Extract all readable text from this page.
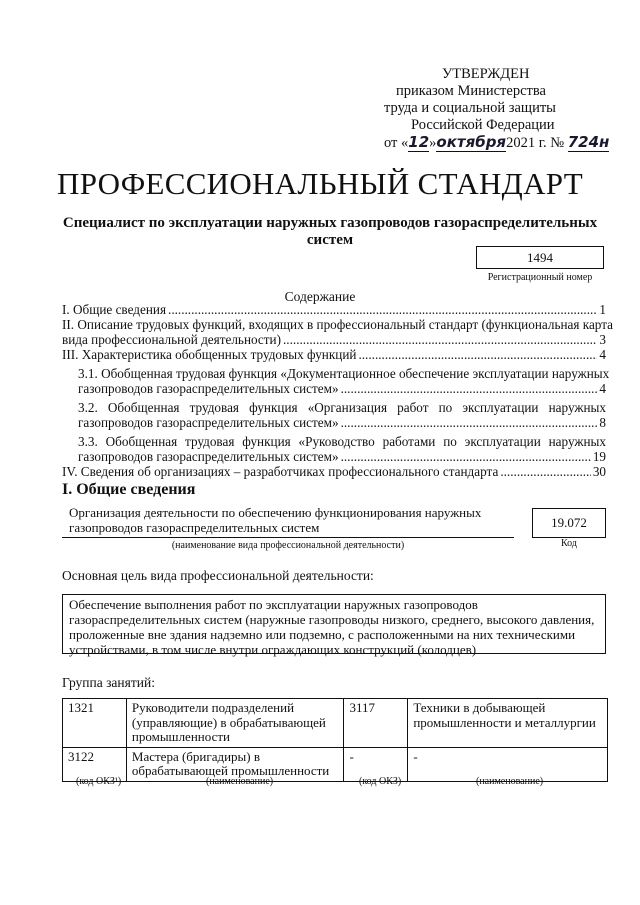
УТВЕРЖДЕН
приказом Министерства
труда и социальной защиты
Российской Федерации
от «12»октября2021 г. № 724н
ПРОФЕССИОНАЛЬНЫЙ СТАНДАРТ
Специалист по эксплуатации наружных газопроводов газораспределительных систем
1494
Регистрационный номер
Содержание
I. Общие сведения .....	1
II. Описание трудовых функций, входящих в профессиональный стандарт (функциональная карта
вида профессиональной деятельности) .....	3
III. Характеристика обобщенных трудовых функций .....	4
3.1. Обобщенная трудовая функция «Документационное обеспечение эксплуатации наружных
газопроводов газораспределительных систем» .....	4
3.2. Обобщенная трудовая функция «Организация работ по эксплуатации наружных
газопроводов газораспределительных систем» .....	8
3.3. Обобщенная трудовая функция «Руководство работами по эксплуатации наружных
газопроводов газораспределительных систем» .....	19
IV. Сведения об организациях – разработчиках профессионального стандарта .....	30
I. Общие сведения
Организация деятельности по обеспечению функционирования наружных
газопроводов газораспределительных систем
(наименование вида профессиональной деятельности)
19.072
Код
Основная цель вида профессиональной деятельности:
Обеспечение выполнения работ по эксплуатации наружных газопроводов
газораспределительных систем (наружные газопроводы низкого, среднего, высокого давления,
проложенные вне здания надземно или подземно, с расположенными на них техническими
устройствами, в том числе внутри ограждающих конструкций (колодцев)
Группа занятий:
1321	Руководители подразделений (управляющие) в обрабатывающей промышленности	3117	Техники в добывающей промышленности и металлургии
3122	Мастера (бригадиры) в обрабатывающей промышленности	-	-
(код ОКЗ¹)	(наименование)	(код ОКЗ)	(наименование)
